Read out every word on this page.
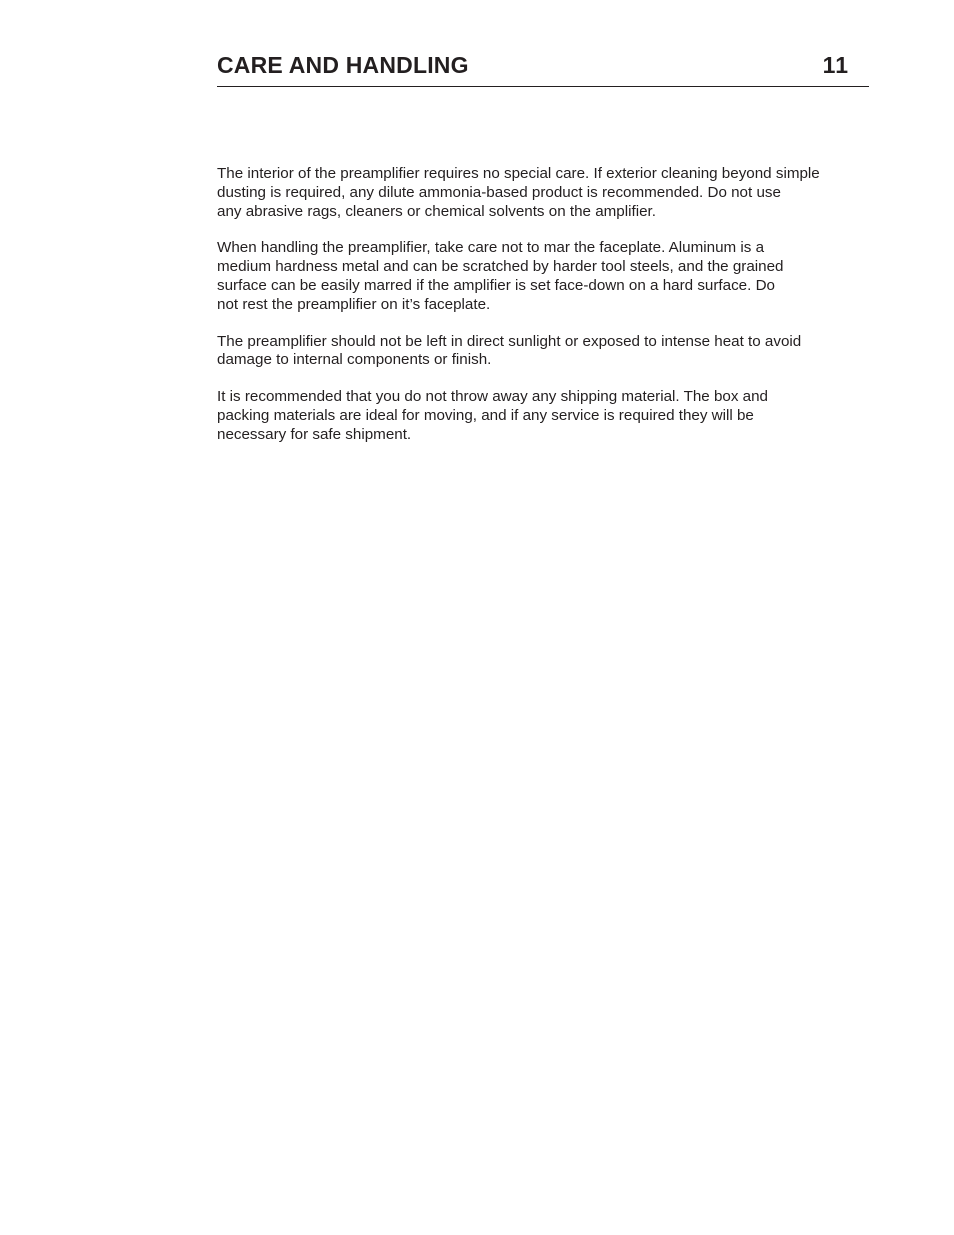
CARE AND HANDLING	11

The interior of the preamplifier requires no special care. If exterior cleaning beyond simple
dusting is required, any dilute ammonia-based product is recommended. Do not use
any abrasive rags, cleaners or chemical solvents on the amplifier.

When handling the preamplifier, take care not to mar the faceplate. Aluminum is a
medium hardness metal and can be scratched by harder tool steels, and the grained
surface can be easily marred if the amplifier is set face-down on a hard surface. Do
not rest the preamplifier on it’s faceplate.

The preamplifier should not be left in direct sunlight or exposed to intense heat to avoid
damage to internal components or finish.

It is recommended that you do not throw away any shipping material. The box and
packing materials are ideal for moving, and if any service is required they will be
necessary for safe shipment.
